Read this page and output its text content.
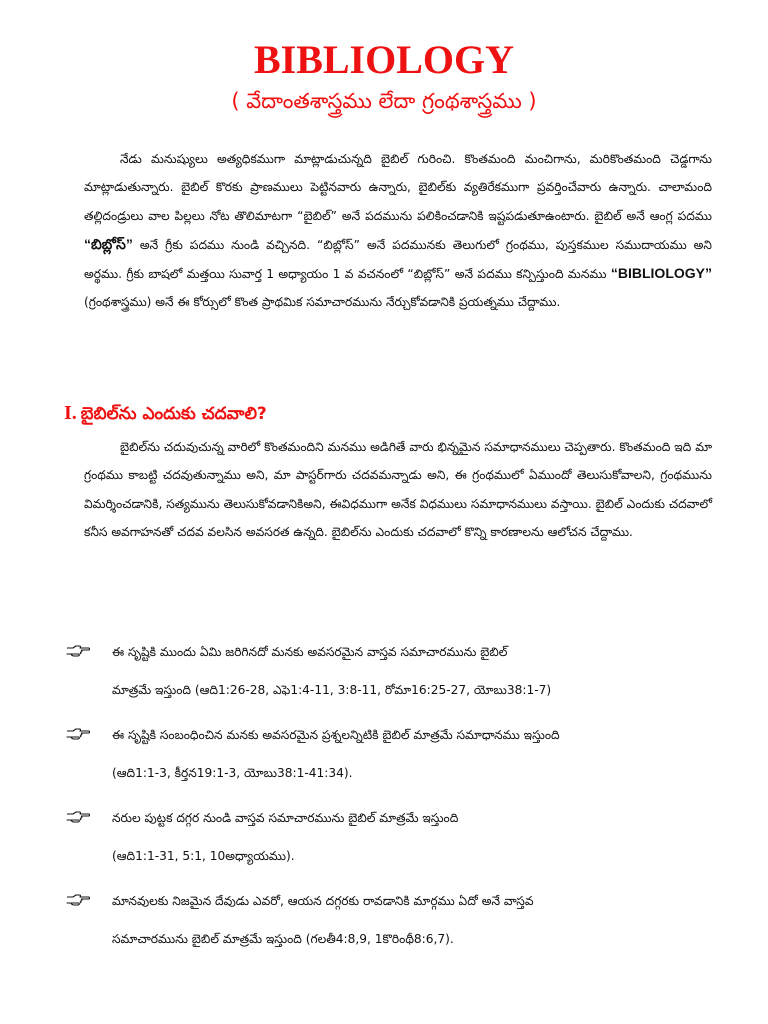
BIBLIOLOGY

( వేదాంతశాస్త్రము లేదా గ్రంథశాస్త్రము )

నేడు మనుష్యులు అత్యధికముగా మాట్లాడుచున్నది బైబిల్ గురించి. కొంతమంది మంచిగాను, మరికొంతమంది చెడ్డగాను మాట్లాడుతున్నారు. బైబిల్ కొరకు ప్రాణములు పెట్టినవారు ఉన్నారు, బైబిల్‌కు వ్యతిరేకముగా ప్రవర్తించేవారు ఉన్నారు. చాలామంది తల్లిదండ్రులు వాల పిల్లలు నోట తొలిమాటగా “బైబిల్” అనే పదమును పలికించడానికి ఇష్టపడుతూఉంటారు. బైబిల్ అనే ఆంగ్ల పదము “బిబ్లోస్” అనే గ్రీకు పదము నుండి వచ్చినది. “బిబ్లోస్” అనే పదమునకు తెలుగులో గ్రంథము, పుస్తకముల సముదాయము అని అర్థము. గ్రీకు బాషలో మత్తయి సువార్త 1 అధ్యాయం 1 వ వచనంలో “బిబ్లోస్” అనే పదము కన్పిస్తుంది మనము “BIBLIOLOGY” (గ్రంథశాస్త్రము) అనే ఈ కోర్సులో కొంత ప్రాథమిక సమాచారమును నేర్చుకోవడానికి ప్రయత్నము చేద్దాము.

I. బైబిల్‌ను ఎందుకు చదవాలి?

బైబిల్‌ను చదువుచున్న వారిలో కొంతమందిని మనము అడిగితే వారు భిన్నమైన సమాధానములు చెప్పతారు. కొంతమంది ఇది మా గ్రంథము కాబట్టి చదవుతున్నాము అని, మా పాస్టర్‌గారు చదవమన్నాడు అని, ఈ గ్రంథములో ఏముందో తెలుసుకోవాలని, గ్రంథమును విమర్శించడానికి, సత్యమును తెలుసుకోవడానికిఅని, ఈవిధముగా అనేక విధములు సమాధానములు వస్తాయి. బైబిల్ ఎందుకు చదవాలో కనీస అవగాహనతో చదవ వలసిన అవసరత ఉన్నది. బైబిల్‌ను ఎందుకు చదవాలో కొన్ని కారణాలను ఆలోచన చేద్దాము.

ఈ సృష్టికి ముందు ఏమి జరిగినదో మనకు అవసరమైన వాస్తవ సమాచారమును బైబిల్
మాత్రమే ఇస్తుంది (ఆది1:26-28, ఎఫె1:4-11, 3:8-11, రోమా16:25-27, యోబు38:1-7)
ఈ సృష్టికి సంబంధించిన మనకు అవసరమైన ప్రశ్నలన్నిటికి బైబిల్ మాత్రమే సమాధానము ఇస్తుంది
(ఆది1:1-3, కీర్తన19:1-3, యోబు38:1-41:34).
నరుల పుట్టక దగ్గర నుండి వాస్తవ సమాచారమును బైబిల్ మాత్రమే ఇస్తుంది
(ఆది1:1-31, 5:1, 10అధ్యాయము).
మానవులకు నిజమైన దేవుడు ఎవరో, ఆయన దగ్గరకు రావడానికి మార్గము ఏదో అనే వాస్తవ
సమాచారమును బైబిల్ మాత్రమే ఇస్తుంది (గలతీ4:8,9, 1కొరింథీ8:6,7).
